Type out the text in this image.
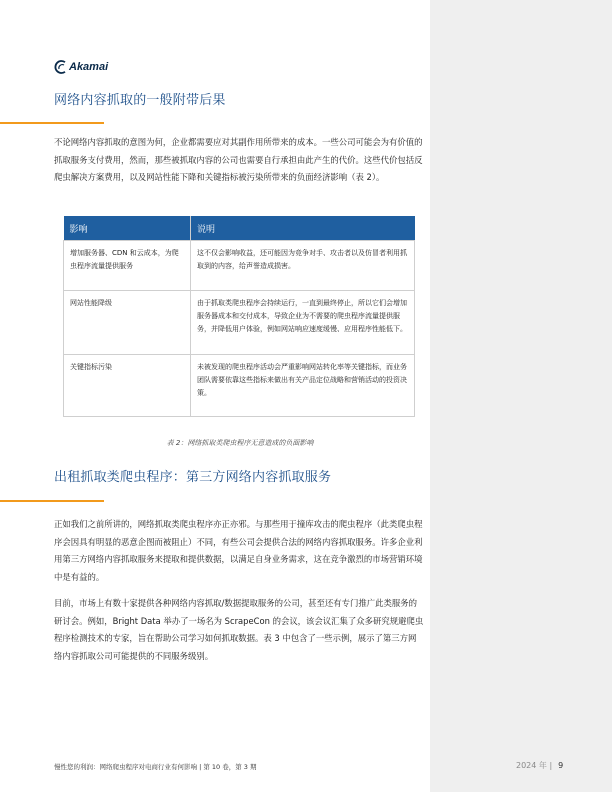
Akamai
网络内容抓取的一般附带后果

不论网络内容抓取的意图为何，企业都需要应对其副作用所带来的成本。一些公司可能会为有价值的抓取服务支付费用，然而，那些被抓取内容的公司也需要自行承担由此产生的代价。这些代价包括反爬虫解决方案费用，以及网站性能下降和关键指标被污染所带来的负面经济影响（表 2）。

影响	说明
增加服务器、CDN 和云成本，为爬虫程序流量提供服务	这不仅会影响收益，还可能因为竞争对手、攻击者以及仿冒者利用抓取到的内容，给声誉造成损害。
网站性能降级	由于抓取类爬虫程序会持续运行，一直到最终停止，所以它们会增加服务器成本和交付成本，导致企业为不需要的爬虫程序流量提供服务，并降低用户体验，例如网站响应速度缓慢、应用程序性能低下。
关键指标污染	未被发现的爬虫程序活动会严重影响网站转化率等关键指标，而业务团队需要依靠这些指标来做出有关产品定位战略和营销活动的投资决策。
表 2：网络抓取类爬虫程序无意造成的负面影响
出租抓取类爬虫程序：第三方网络内容抓取服务

正如我们之前所讲的，网络抓取类爬虫程序亦正亦邪。与那些用于撞库攻击的爬虫程序（此类爬虫程序会因具有明显的恶意企图而被阻止）不同，有些公司会提供合法的网络内容抓取服务。许多企业利用第三方网络内容抓取服务来提取和提供数据，以满足自身业务需求，这在竞争激烈的市场营销环境中是有益的。

目前，市场上有数十家提供各种网络内容抓取/数据提取服务的公司，甚至还有专门推广此类服务的研讨会。例如，Bright Data 举办了一场名为 ScrapeCon 的会议，该会议汇集了众多研究规避爬虫程序检测技术的专家，旨在帮助公司学习如何抓取数据。表 3 中包含了一些示例，展示了第三方网络内容抓取公司可能提供的不同服务级别。

慢性您的利润：网络爬虫程序对电商行业有何影响 | 第 10 卷，第 3 期	2024 年 | 9
